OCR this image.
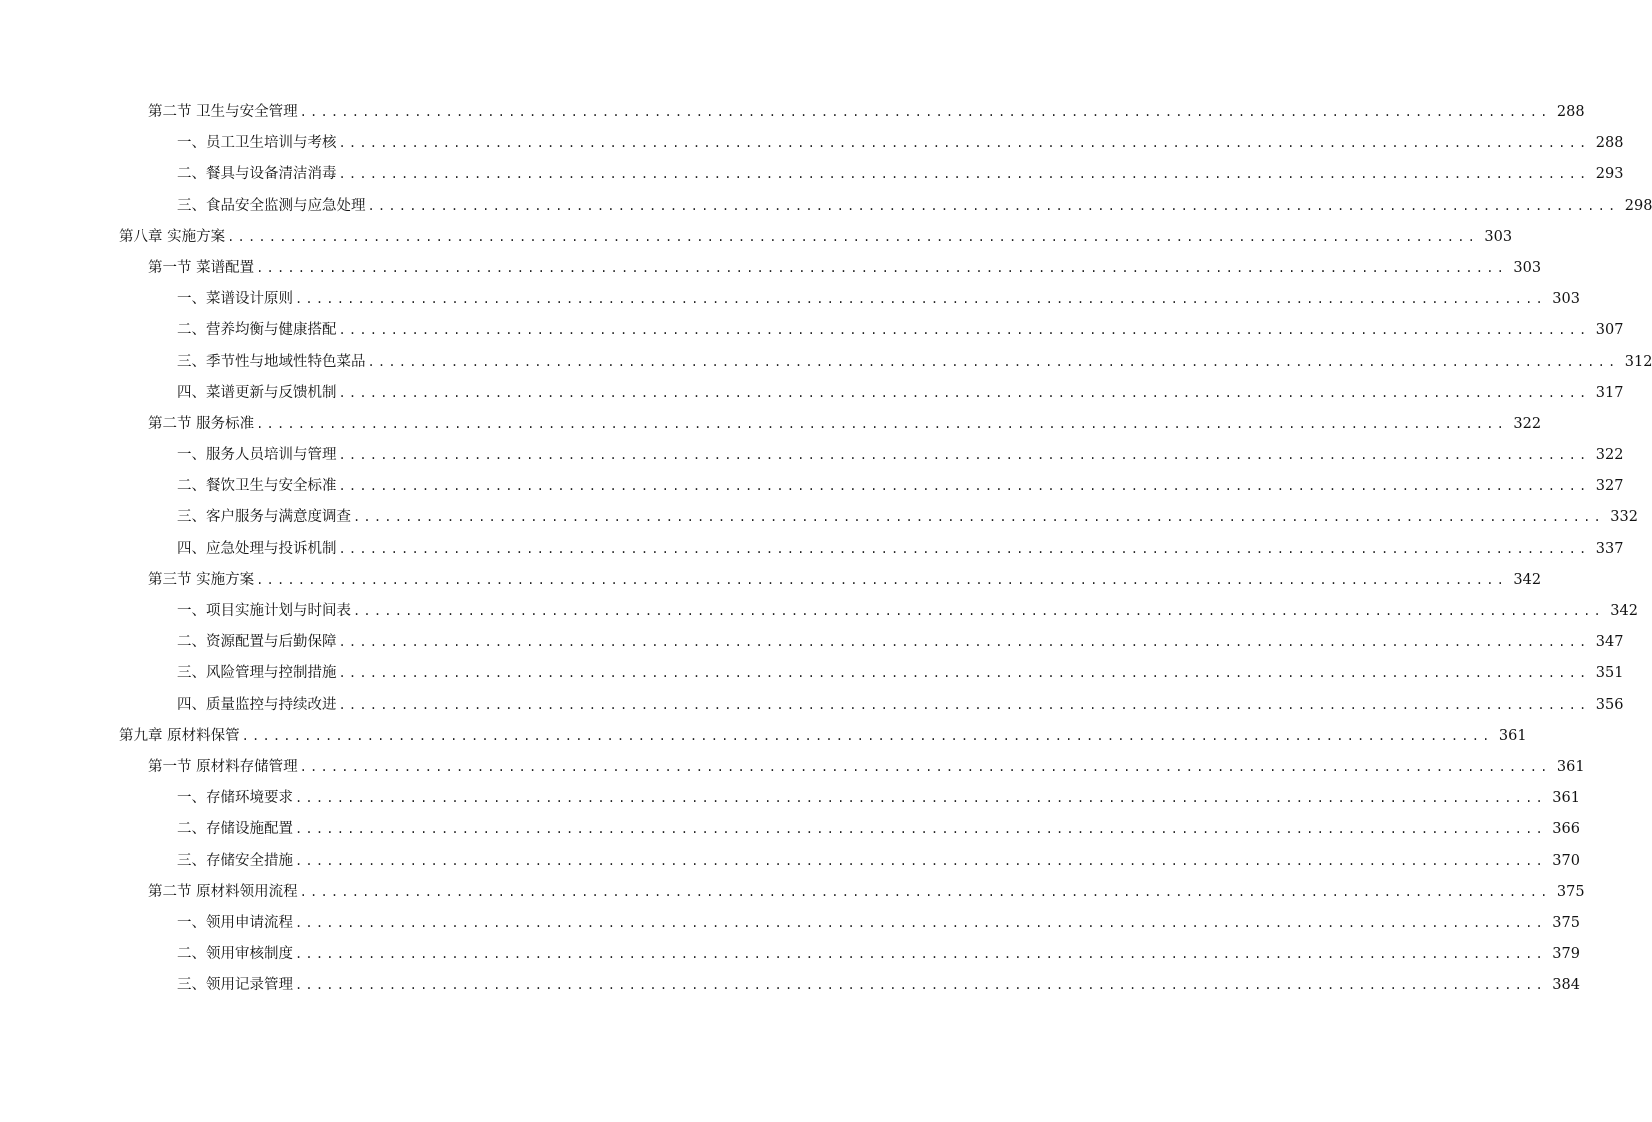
第二节 卫生与安全管理 ........................................................................................................................ 288
一、员工卫生培训与考核 ........................................................................................................................ 288
二、餐具与设备清洁消毒 ........................................................................................................................ 293
三、食品安全监测与应急处理 ........................................................................................................................ 298
第八章 实施方案 ........................................................................................................................ 303
第一节 菜谱配置 ........................................................................................................................ 303
一、菜谱设计原则 ........................................................................................................................ 303
二、营养均衡与健康搭配 ........................................................................................................................ 307
三、季节性与地域性特色菜品 ........................................................................................................................ 312
四、菜谱更新与反馈机制 ........................................................................................................................ 317
第二节 服务标准 ........................................................................................................................ 322
一、服务人员培训与管理 ........................................................................................................................ 322
二、餐饮卫生与安全标准 ........................................................................................................................ 327
三、客户服务与满意度调查 ........................................................................................................................ 332
四、应急处理与投诉机制 ........................................................................................................................ 337
第三节 实施方案 ........................................................................................................................ 342
一、项目实施计划与时间表 ........................................................................................................................ 342
二、资源配置与后勤保障 ........................................................................................................................ 347
三、风险管理与控制措施 ........................................................................................................................ 351
四、质量监控与持续改进 ........................................................................................................................ 356
第九章 原材料保管 ........................................................................................................................ 361
第一节 原材料存储管理 ........................................................................................................................ 361
一、存储环境要求 ........................................................................................................................ 361
二、存储设施配置 ........................................................................................................................ 366
三、存储安全措施 ........................................................................................................................ 370
第二节 原材料领用流程 ........................................................................................................................ 375
一、领用申请流程 ........................................................................................................................ 375
二、领用审核制度 ........................................................................................................................ 379
三、领用记录管理 ........................................................................................................................ 384
